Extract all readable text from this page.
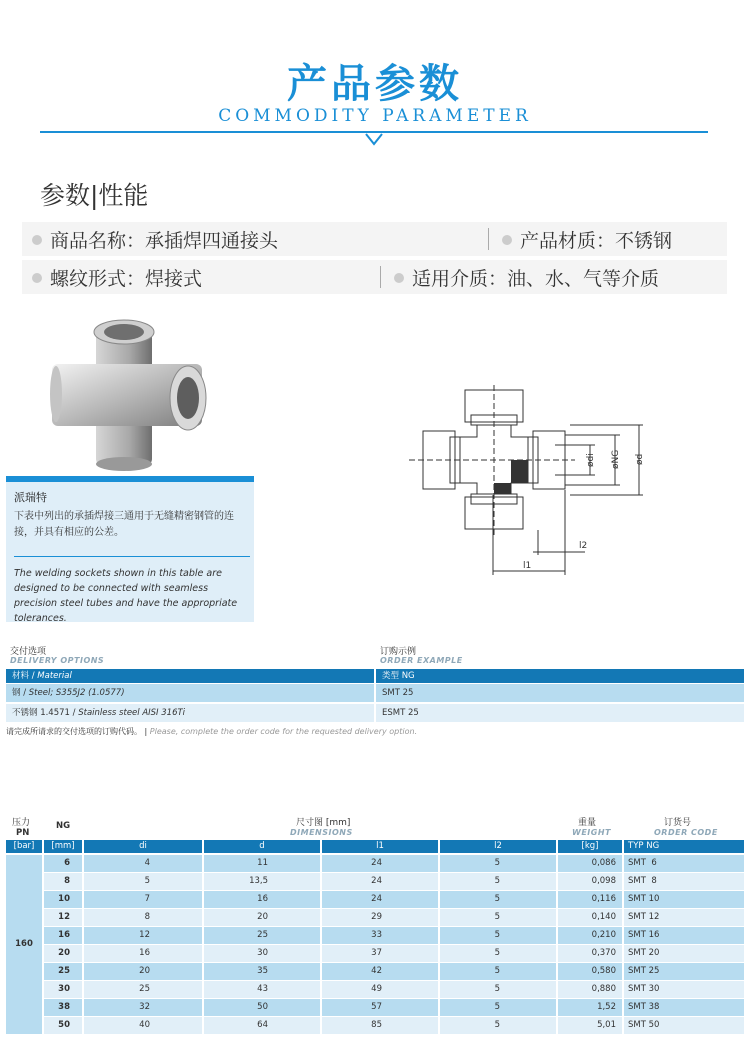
产品参数
COMMODITY PARAMETER
参数|性能
商品名称：承插焊四通接头	产品材质：不锈钢
螺纹形式：焊接式	适用介质：油、水、气等介质
ødi øNG ød
l2
l1
派瑞特
下表中列出的承插焊接三通用于无缝精密钢管的连接，并具有相应的公差。
The welding sockets shown in this table are designed to be connected with seamless precision steel tubes and have the appropriate tolerances.
交付选项
DELIVERY OPTIONS
订购示例
ORDER EXAMPLE
材料 / Material	类型 NG
钢 / Steel; S355J2 (1.0577)	SMT 25
不锈钢 1.4571 / Stainless steel AISI 316Ti	ESMT 25
请完成所请求的交付选项的订购代码。 | Please, complete the order code for the requested delivery option.
压力
PN
NG	尺寸图 [mm]
DIMENSIONS
重量
WEIGHT
订货号
ORDER CODE
[bar]	[mm]	di	d	l1	l2	[kg]	TYP NG
160
6	4	11	24	5	0,086	SMT  6
8	5	13,5	24	5	0,098	SMT  8
10	7	16	24	5	0,116	SMT 10
12	8	20	29	5	0,140	SMT 12
16	12	25	33	5	0,210	SMT 16
20	16	30	37	5	0,370	SMT 20
25	20	35	42	5	0,580	SMT 25
30	25	43	49	5	0,880	SMT 30
38	32	50	57	5	1,52	SMT 38
50	40	64	85	5	5,01	SMT 50
